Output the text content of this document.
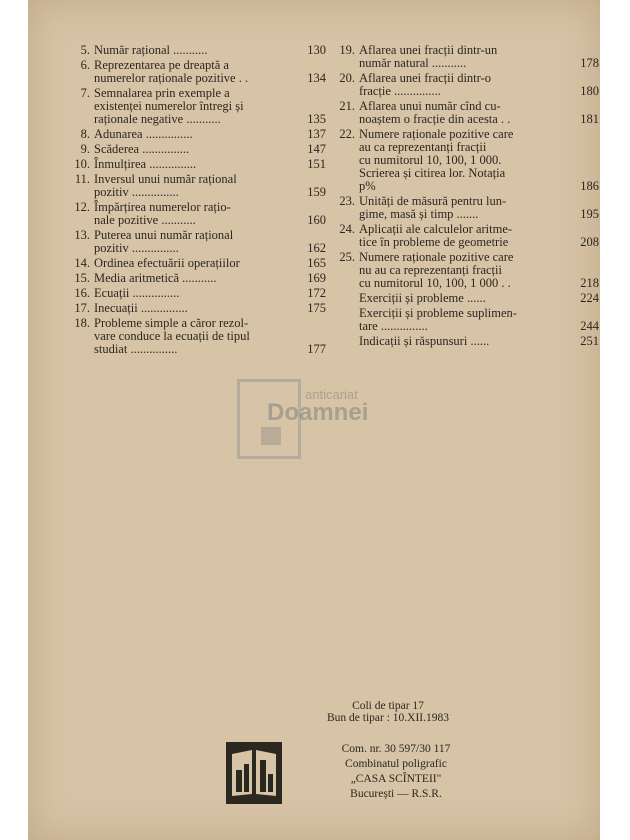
5. Număr rațional ...........	130
6. Reprezentarea pe dreaptă a
numerelor raționale pozitive . .	134
7. Semnalarea prin exemple a
existenței numerelor întregi și
raționale negative ...........	135
8. Adunarea ...............	137
9. Scăderea ...............	147
10. Înmulțirea ...............	151
11. Inversul unui număr rațional
pozitiv ...............	159
12. Împărțirea numerelor rațio-
nale pozitive ...........	160
13. Puterea unui număr rațional
pozitiv ...............	162
14. Ordinea efectuării operațiilor	165
15. Media aritmetică ...........	169
16. Ecuații ...............	172
17. Inecuații ...............	175
18. Probleme simple a căror rezol-
vare conduce la ecuații de tipul
studiat ...............	177
19. Aflarea unei fracții dintr-un
număr natural ...........	178
20. Aflarea unei fracții dintr-o
fracție ...............	180
21. Aflarea unui număr cînd cu-
noaștem o fracție din acesta . .	181
22. Numere raționale pozitive care
au ca reprezentanți fracții
cu numitorul 10, 100, 1 000.
Scrierea și citirea lor. Notația
p%	186
23. Unități de măsură pentru lun-
gime, masă și timp .......	195
24. Aplicații ale calculelor aritme-
tice în probleme de geometrie	208
25. Numere raționale pozitive care
nu au ca reprezentanți fracții
cu numitorul 10, 100, 1 000 . .	218
Exerciții și probleme ......	224
Exerciții și probleme suplimen-
tare ...............	244
Indicații și răspunsuri ......	251
anticariat
Doamnei
Coli de tipar 17
Bun de tipar : 10.XII.1983
Com. nr. 30 597/30 117
Combinatul poligrafic
„CASA SCÎNTEII"
București — R.S.R.
